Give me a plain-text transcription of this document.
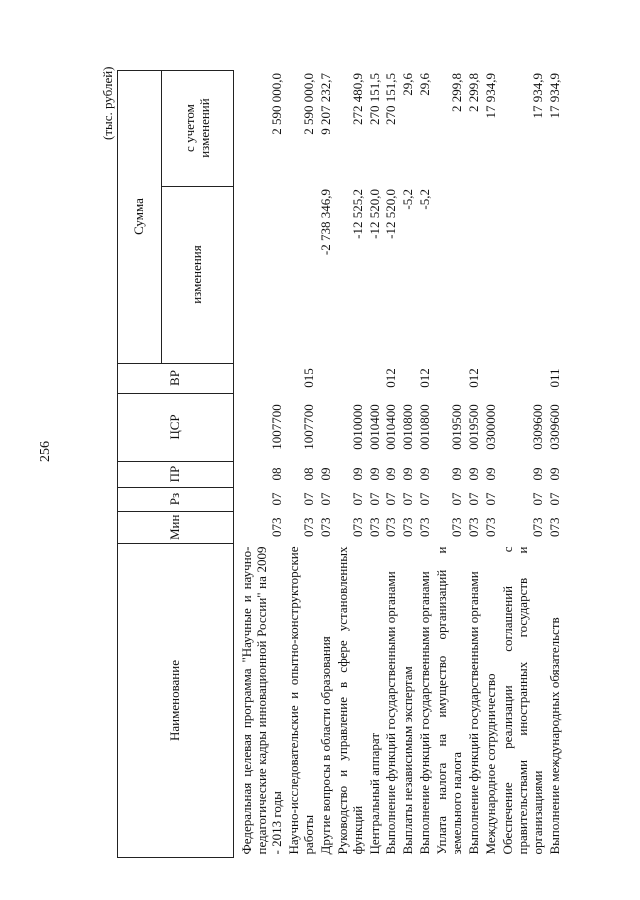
256
(тыс. рублей)
Наименование	Мин	Рз	ПР	ЦСР	ВР	Сумма	
						изменения	с учетом изменений
Федеральная целевая программа "Научные и научно-педагогические кадры инновационной России" на 2009 - 2013 годы	073	07	08	1007700			2 590 000,0
Научно-исследовательские и опытно-конструкторские работы	073	07	08	1007700	015		2 590 000,0
Другие вопросы в области образования	073	07	09			-2 738 346,9	9 207 232,7
Руководство и управление в сфере установленных функций	073	07	09	0010000		-12 525,2	272 480,9
Центральный аппарат	073	07	09	0010400		-12 520,0	270 151,5
Выполнение функций государственными органами	073	07	09	0010400	012	-12 520,0	270 151,5
Выплаты независимым экспертам	073	07	09	0010800		-5,2	29,6
Выполнение функций государственными органами	073	07	09	0010800	012	-5,2	29,6
Уплата налога на имущество организаций и земельного налога	073	07	09	0019500			2 299,8
Выполнение функций государственными органами	073	07	09	0019500	012		2 299,8
Международное сотрудничество	073	07	09	0300000			17 934,9
Обеспечение реализации соглашений с правительствами иностранных государств и организациями	073	07	09	0309600			17 934,9
Выполнение международных обязательств	073	07	09	0309600	011		17 934,9
